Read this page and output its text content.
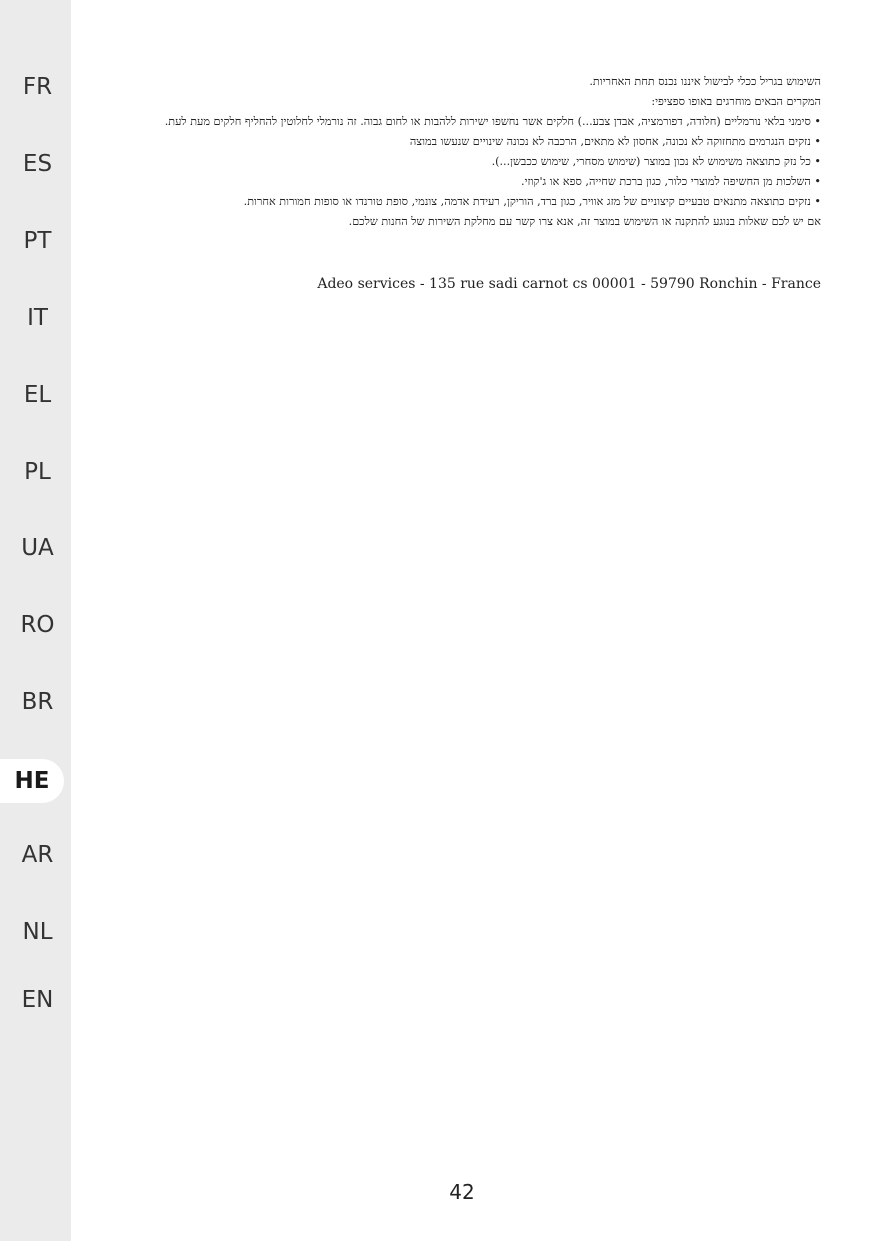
FR
ES
PT
IT
EL
PL
UA
RO
BR
HE
AR
NL
EN
השימוש בגריל ככלי לבישול איננו נכנס תחת האחריות.
המקרים הבאים מוחרגים באופו ספציפי:
• סימני בלאי נורמליים (חלודה, דפורמציה, אבדן צבע...) חלקים אשר נחשפו ישירות ללהבות או לחום גבוה. זה נורמלי לחלוטין להחליף חלקים מעת לעת.
• נזקים הנגרמים מתחזוקה לא נכונה, אחסון לא מתאים, הרכבה לא נכונה שינויים שנעשו במוצה
• כל נזק כתוצאה משימוש לא נכון במוצר (שימוש מסחרי, שימוש ככבשן...).
• השלכות מן החשיפה למוצרי כלור, כגון ברכת שחייה, ספא או ג'קוזי.
• נזקים כתוצאה מתנאים טבעיים קיצוניים של מזג אוויר, כגון ברד, הוריקן, רעידת אדמה, צונמי, סופת טורנדו או סופות חמורות אחרות.
אם יש לכם שאלות בנוגע להתקנה או השימוש במוצר זה, אנא צרו קשר עם מחלקת השירות של החנות שלכם.
Adeo services - 135 rue sadi carnot cs 00001 - 59790 Ronchin - France
42
